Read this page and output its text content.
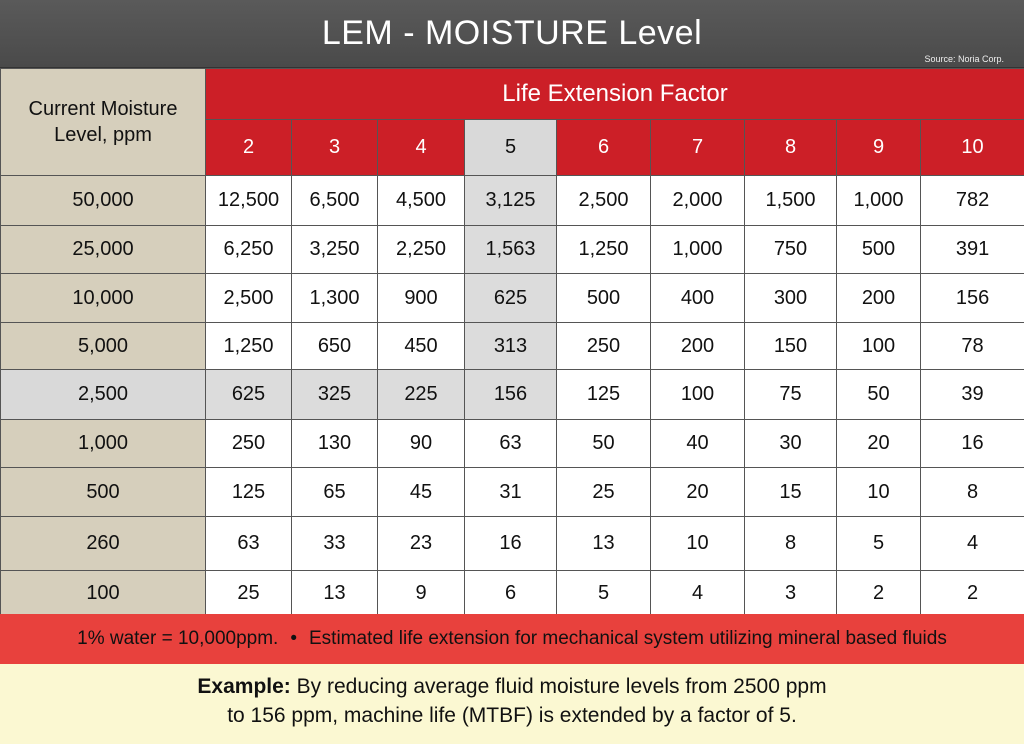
LEM - MOISTURE Level
Source: Noria Corp.
Current Moisture
Level, ppm	Life Extension Factor								
	2	3	4	5	6	7	8	9	10
50,000	12,500	6,500	4,500	3,125	2,500	2,000	1,500	1,000	782
25,000	6,250	3,250	2,250	1,563	1,250	1,000	750	500	391
10,000	2,500	1,300	900	625	500	400	300	200	156
5,000	1,250	650	450	313	250	200	150	100	78
2,500	625	325	225	156	125	100	75	50	39
1,000	250	130	90	63	50	40	30	20	16
500	125	65	45	31	25	20	15	10	8
260	63	33	23	16	13	10	8	5	4
100	25	13	9	6	5	4	3	2	2
1% water = 10,000ppm. • Estimated life extension for mechanical system utilizing mineral based fluids
Example: By reducing average fluid moisture levels from 2500 ppm
to 156 ppm, machine life (MTBF) is extended by a factor of 5.
